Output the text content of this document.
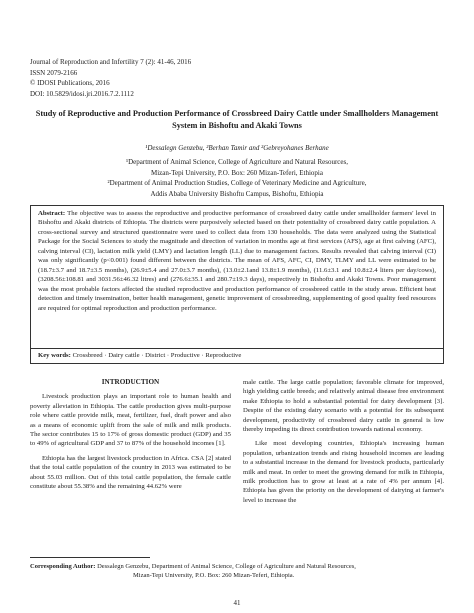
Journal of Reproduction and Infertility 7 (2): 41-46, 2016
ISSN 2079-2166
© IDOSI Publications, 2016
DOI: 10.5829/idosi.jri.2016.7.2.1112
Study of Reproductive and Production Performance of Crossbreed Dairy Cattle under Smallholders Management System in Bishoftu and Akaki Towns
¹Dessalegn Genzebu, ²Berhan Tamir and ²Gebreyohanes Berhane
¹Department of Animal Science, College of Agriculture and Natural Resources,
Mizan-Tepi University, P.O. Box: 260 Mizan-Teferi, Ethiopia
²Department of Animal Production Studies, College of Veterinary Medicine and Agriculture,
Addis Ababa University Bishoftu Campus, Bishoftu, Ethiopia
Abstract: The objective was to assess the reproductive and productive performance of crossbreed dairy cattle under smallholder farmers' level in Bishoftu and Akaki districts of Ethiopia. The districts were purposively selected based on their potentiality of crossbreed dairy cattle population. A cross-sectional survey and structured questionnaire were used to collect data from 130 households. The data were analyzed using the Statistical Package for the Social Sciences to study the magnitude and direction of variation in months age at first services (AFS), age at first calving (AFC), calving interval (CI), lactation milk yield (LMY) and lactation length (LL) due to management factors. Results revealed that calving interval (CI) was only significantly (p<0.001) found different between the districts. The mean of AFS, AFC, CI, DMY, TLMY and LL were estimated to be (18.7±3.7 and 18.7±3.5 months), (26.9±5.4 and 27.0±3.7 months), (13.0±2.1and 13.8±1.9 months), (11.6±3.1 and 10.8±2.4 liters per day/cows), (3208.56±108.81 and 3031.56±46.32 litres) and (276.6±35.1 and 280.7±19.3 days), respectively in Bishoftu and Akaki Towns. Poor management was the most probable factors affected the studied reproductive and production performance of crossbreed cattle in the study areas. Efficient heat detection and timely insemination, better health management, genetic improvement of crossbreeding, supplementing of good quality feed resources are required for optimal reproduction and production performance.
Key words: Crossbreed · Dairy cattle · District · Productive · Reproductive
INTRODUCTION

Livestock production plays an important role to human health and poverty alleviation in Ethiopia. The cattle production gives multi-purpose role where cattle provide milk, meat, fertilizer, fuel, draft power and also as a means of economic uplift from the sale of milk and milk products. The sector contributes 15 to 17% of gross domestic product (GDP) and 35 to 49% of agricultural GDP and 37 to 87% of the household incomes [1].

Ethiopia has the largest livestock production in Africa. CSA [2] stated that the total cattle population of the country in 2013 was estimated to be about 55.03 million. Out of this total cattle population, the female cattle constitute about 55.38% and the remaining 44.62% were

male cattle. The large cattle population; favorable climate for improved, high yielding cattle breeds; and relatively animal disease free environment make Ethiopia to hold a substantial potential for dairy development [3]. Despite of the existing dairy scenario with a potential for its subsequent development, productivity of crossbreed dairy cattle in general is low thereby impeding its direct contribution towards national economy.

Like most developing countries, Ethiopia's increasing human population, urbanization trends and rising household incomes are leading to a substantial increase in the demand for livestock products, particularly milk and meat. In order to meet the growing demand for milk in Ethiopia, milk production has to grow at least at a rate of 4% per annum [4]. Ethiopia has given the priority on the development of dairying at farmer's level to increase the

Corresponding Author: Dessalegn Genzebu, Department of Animal Science, College of Agriculture and Natural Resources,
Mizan-Tepi University, P.O. Box: 260 Mizan-Teferi, Ethiopia.
41
